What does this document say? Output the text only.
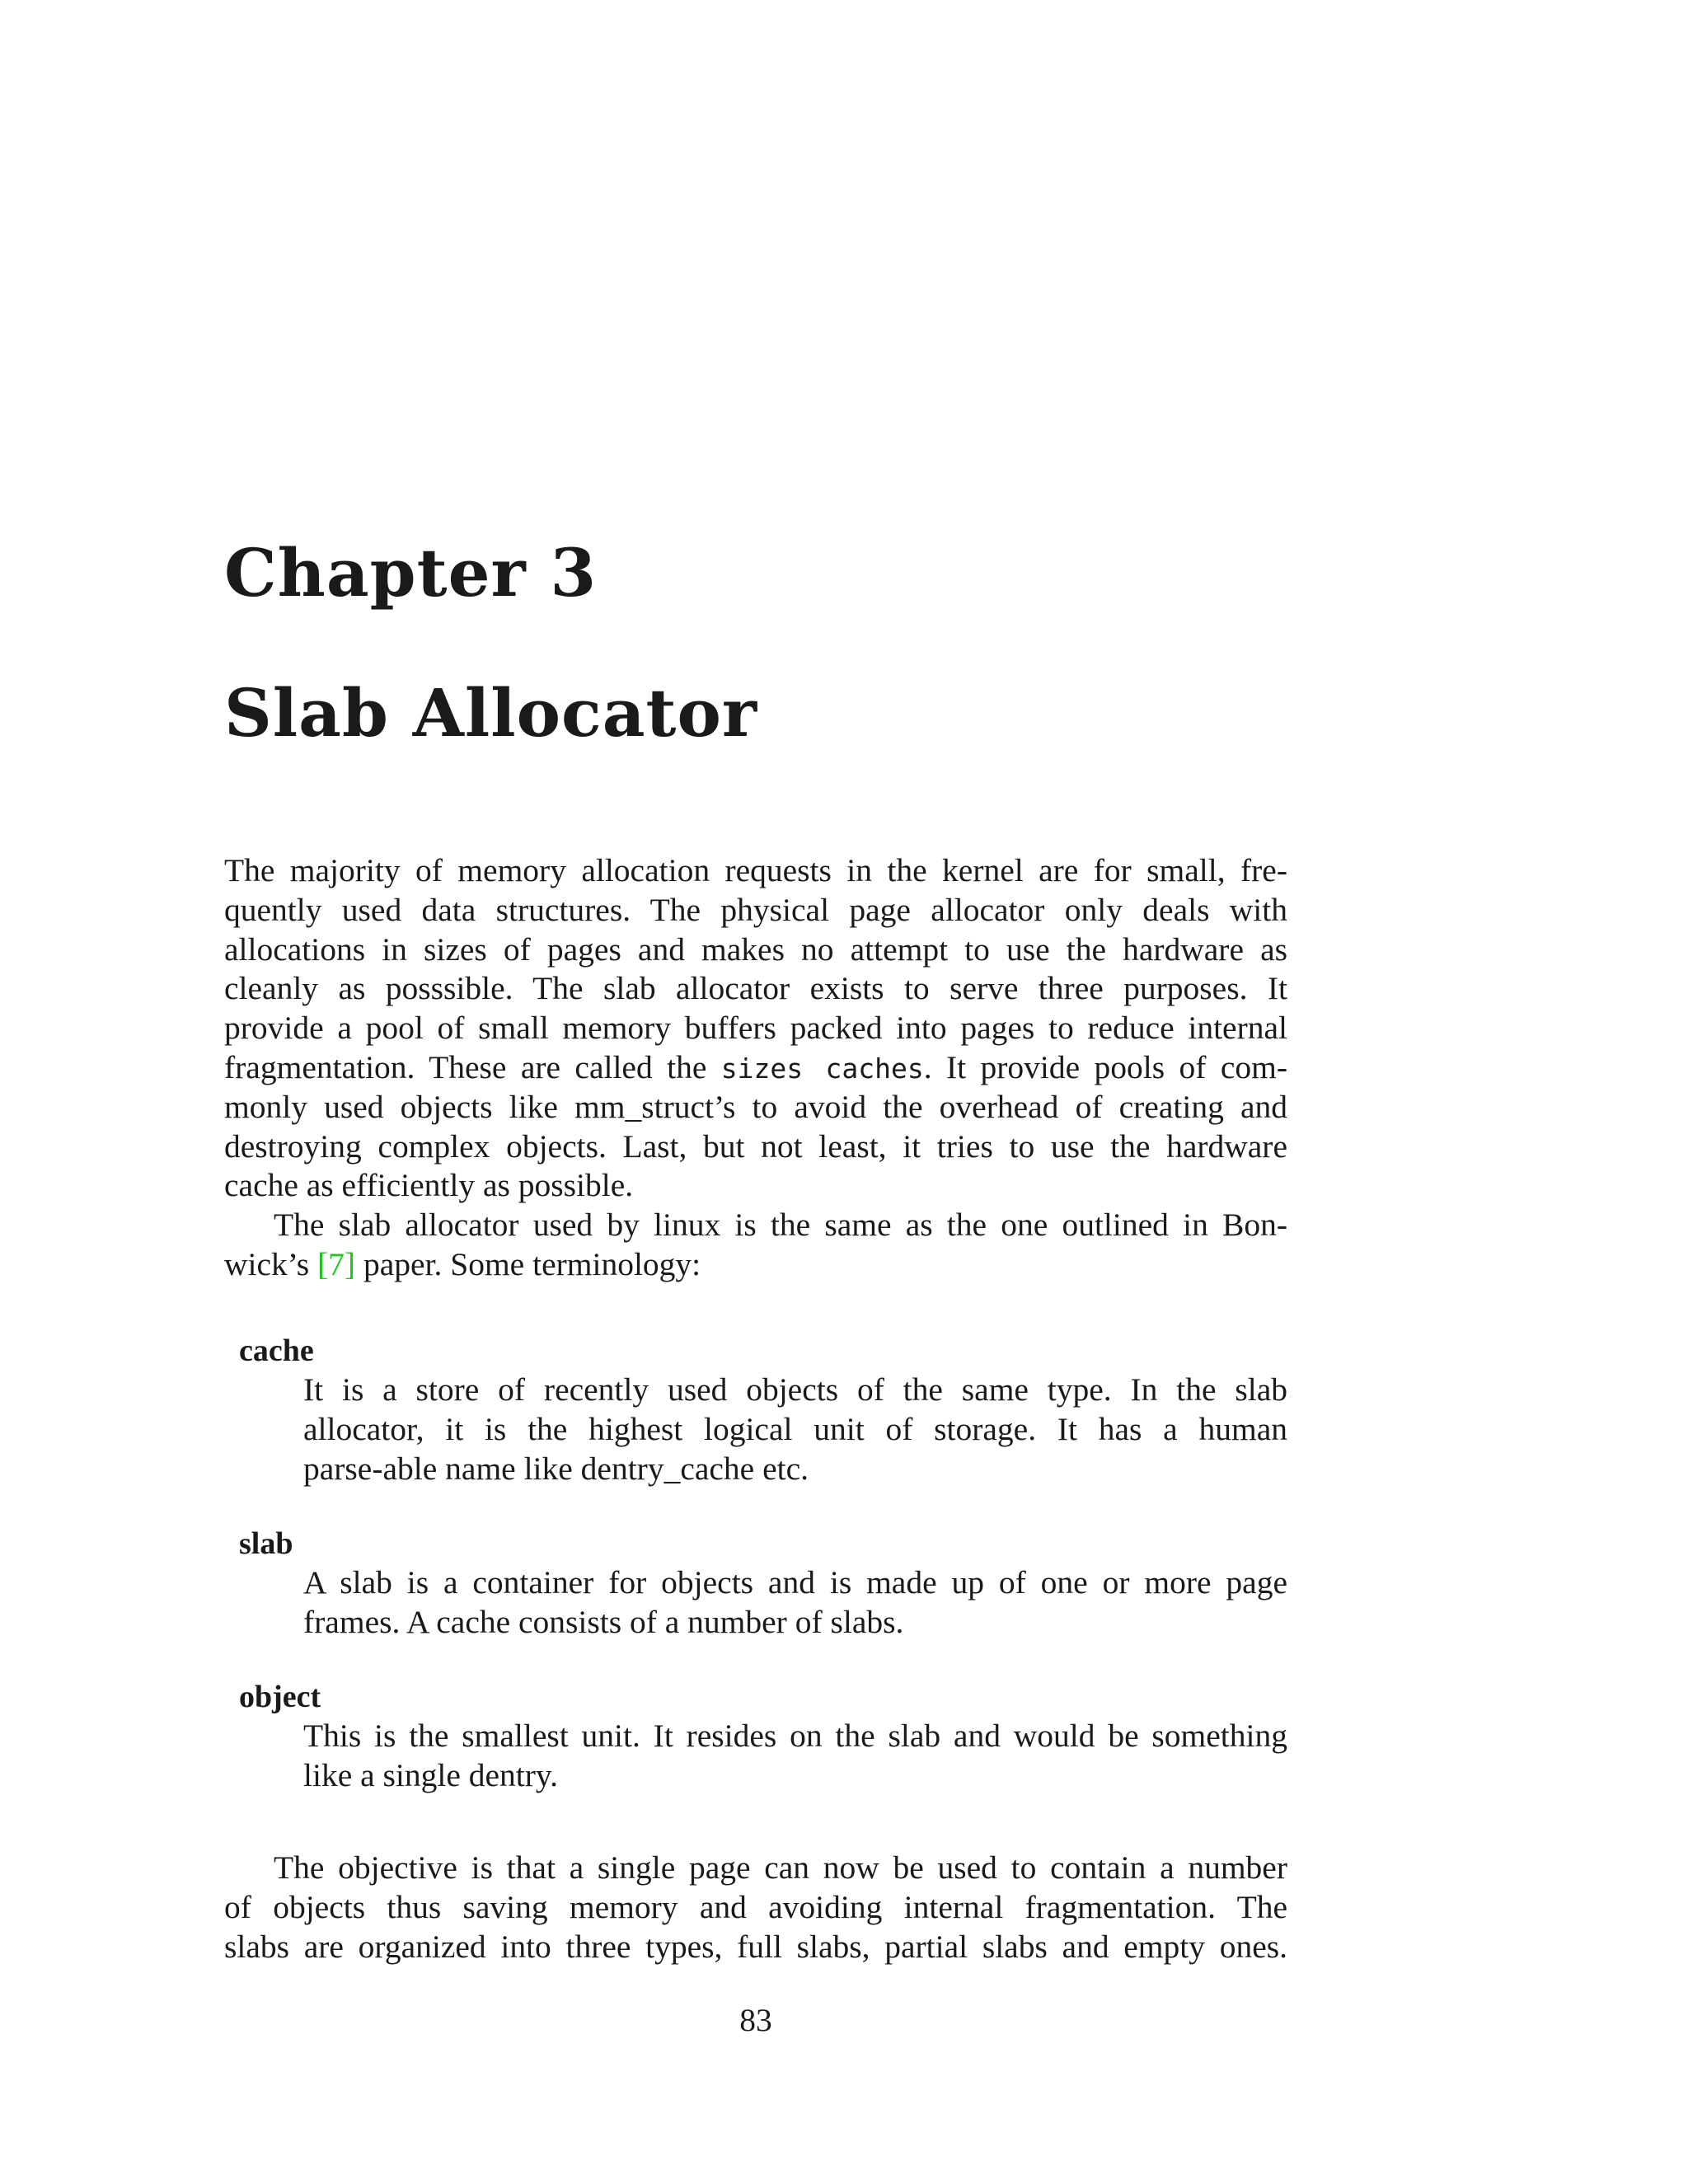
Chapter 3
Slab Allocator
The majority of memory allocation requests in the kernel are for small, fre-
quently used data structures. The physical page allocator only deals with
allocations in sizes of pages and makes no attempt to use the hardware as
cleanly as posssible. The slab allocator exists to serve three purposes. It
provide a pool of small memory buffers packed into pages to reduce internal
fragmentation. These are called the sizes caches. It provide pools of com-
monly used objects like mm_struct’s to avoid the overhead of creating and
destroying complex objects. Last, but not least, it tries to use the hardware
cache as efficiently as possible.
The slab allocator used by linux is the same as the one outlined in Bon-
wick’s [7] paper. Some terminology:
cache
It is a store of recently used objects of the same type. In the slab
allocator, it is the highest logical unit of storage. It has a human
parse-able name like dentry_cache etc.
slab
A slab is a container for objects and is made up of one or more page
frames. A cache consists of a number of slabs.
object
This is the smallest unit. It resides on the slab and would be something
like a single dentry.
The objective is that a single page can now be used to contain a number
of objects thus saving memory and avoiding internal fragmentation. The
slabs are organized into three types, full slabs, partial slabs and empty ones.
83
